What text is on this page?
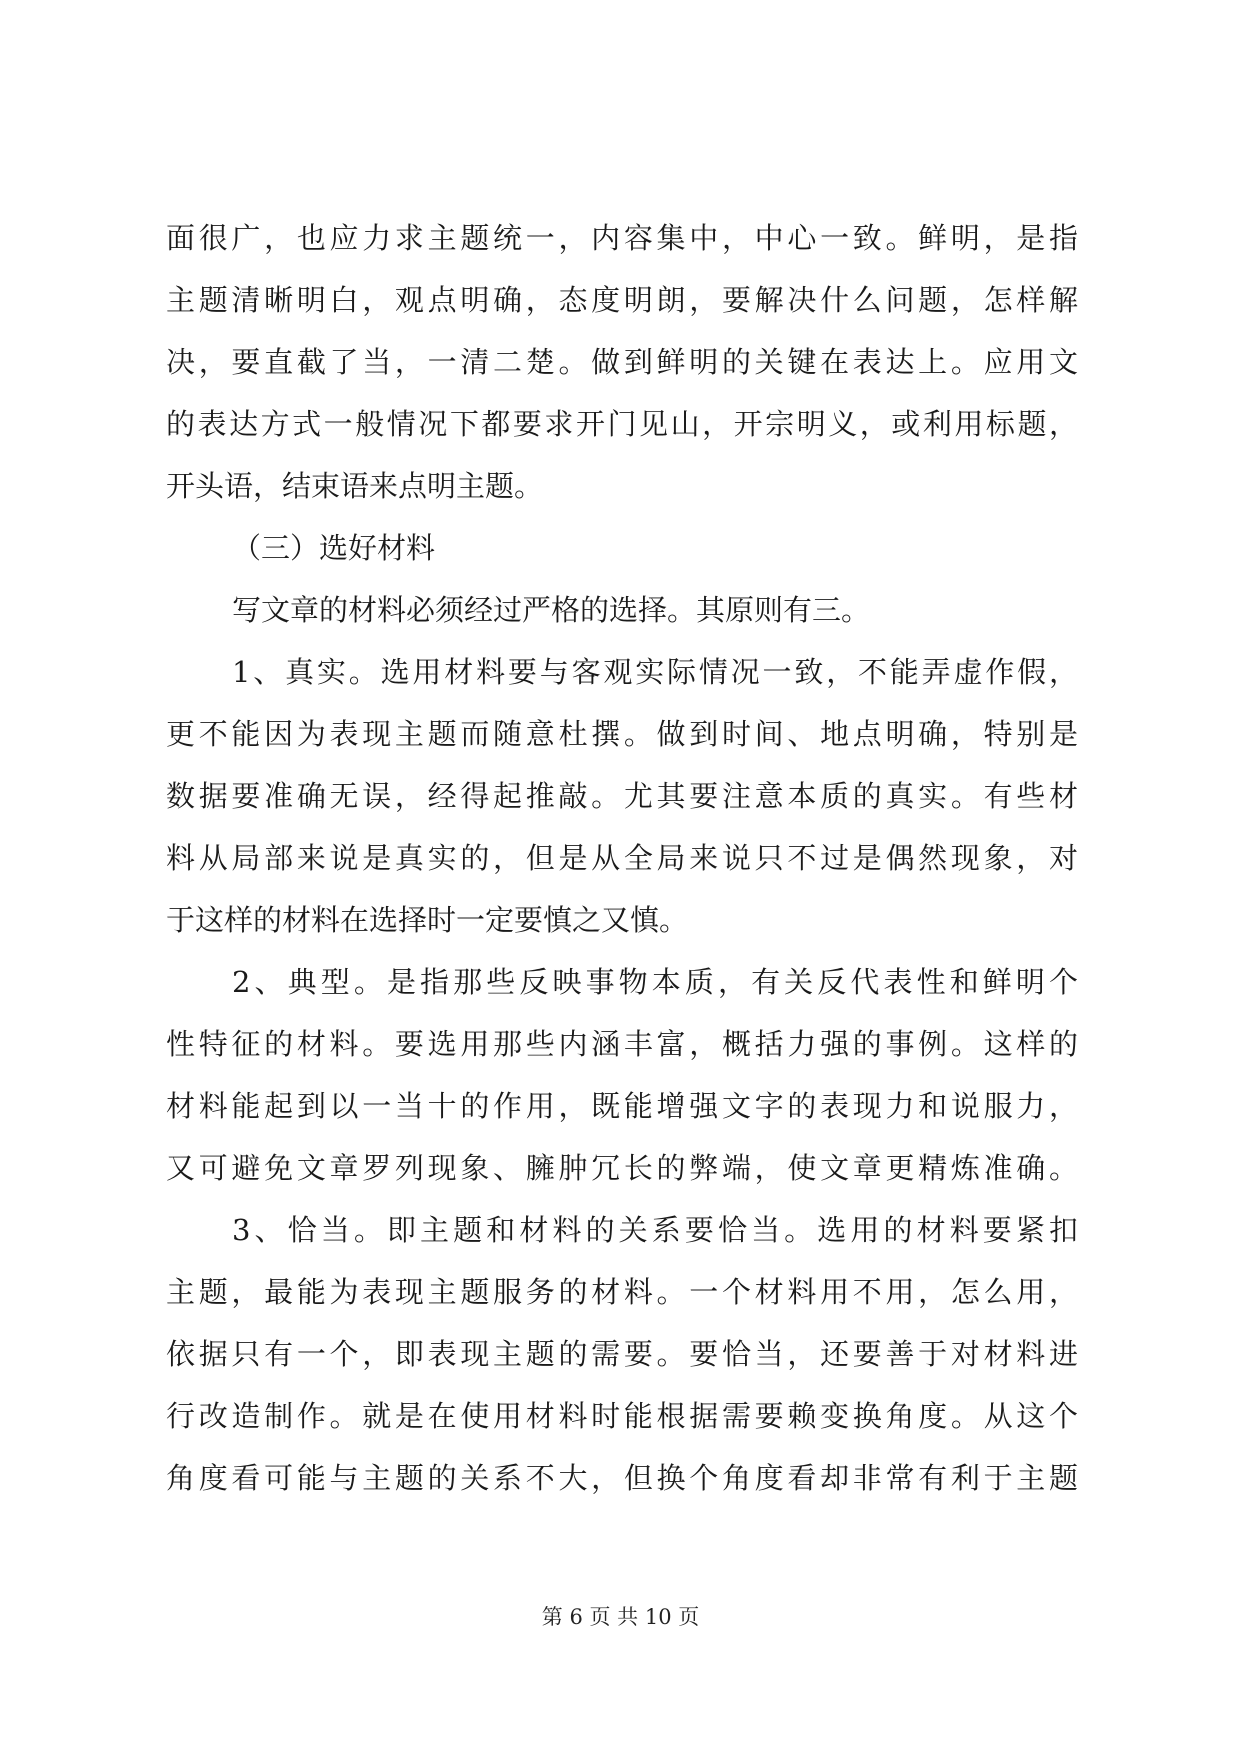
面很广，也应力求主题统一，内容集中，中心一致。鲜明，是指
主题清晰明白，观点明确，态度明朗，要解决什么问题，怎样解
决，要直截了当，一清二楚。做到鲜明的关键在表达上。应用文
的表达方式一般情况下都要求开门见山，开宗明义，或利用标题，
开头语，结束语来点明主题。
（三）选好材料
写文章的材料必须经过严格的选择。其原则有三。
1、真实。选用材料要与客观实际情况一致，不能弄虚作假，
更不能因为表现主题而随意杜撰。做到时间、地点明确，特别是
数据要准确无误，经得起推敲。尤其要注意本质的真实。有些材
料从局部来说是真实的，但是从全局来说只不过是偶然现象，对
于这样的材料在选择时一定要慎之又慎。
2、典型。是指那些反映事物本质，有关反代表性和鲜明个
性特征的材料。要选用那些内涵丰富，概括力强的事例。这样的
材料能起到以一当十的作用，既能增强文字的表现力和说服力，
又可避免文章罗列现象、臃肿冗长的弊端，使文章更精炼准确。
3、恰当。即主题和材料的关系要恰当。选用的材料要紧扣
主题，最能为表现主题服务的材料。一个材料用不用，怎么用，
依据只有一个，即表现主题的需要。要恰当，还要善于对材料进
行改造制作。就是在使用材料时能根据需要赖变换角度。从这个
角度看可能与主题的关系不大，但换个角度看却非常有利于主题
第 6 页 共 10 页
